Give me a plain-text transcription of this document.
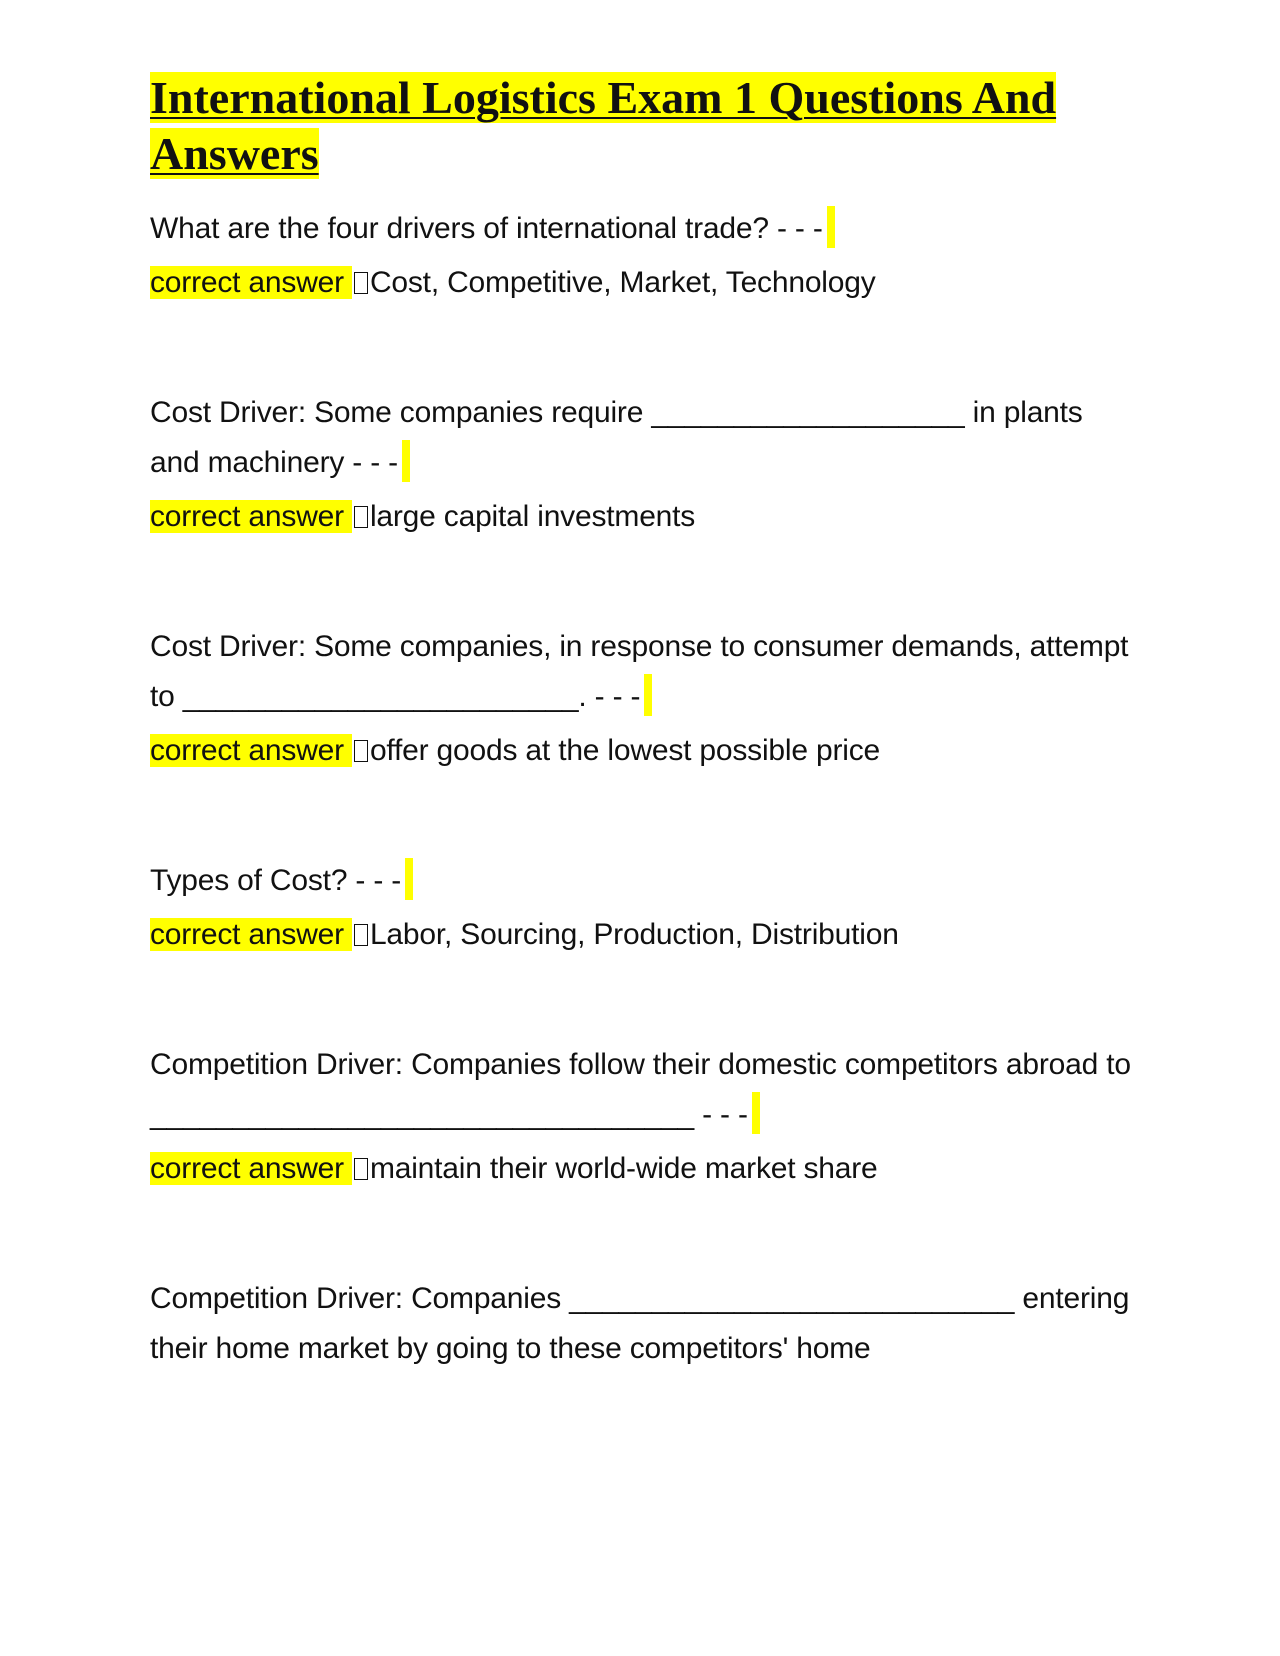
International Logistics Exam 1 Questions And Answers

What are the four drivers of international trade? - - -

correct answer Cost, Competitive, Market, Technology

Cost Driver: Some companies require ___________________ in plants and machinery - - -

correct answer large capital investments

Cost Driver: Some companies, in response to consumer demands, attempt to ________________________. - - -

correct answer offer goods at the lowest possible price

Types of Cost? - - -

correct answer Labor, Sourcing, Production, Distribution

Competition Driver: Companies follow their domestic competitors abroad to _________________________________ - - -

correct answer maintain their world-wide market share

Competition Driver: Companies ___________________________ entering their home market by going to these competitors' home
